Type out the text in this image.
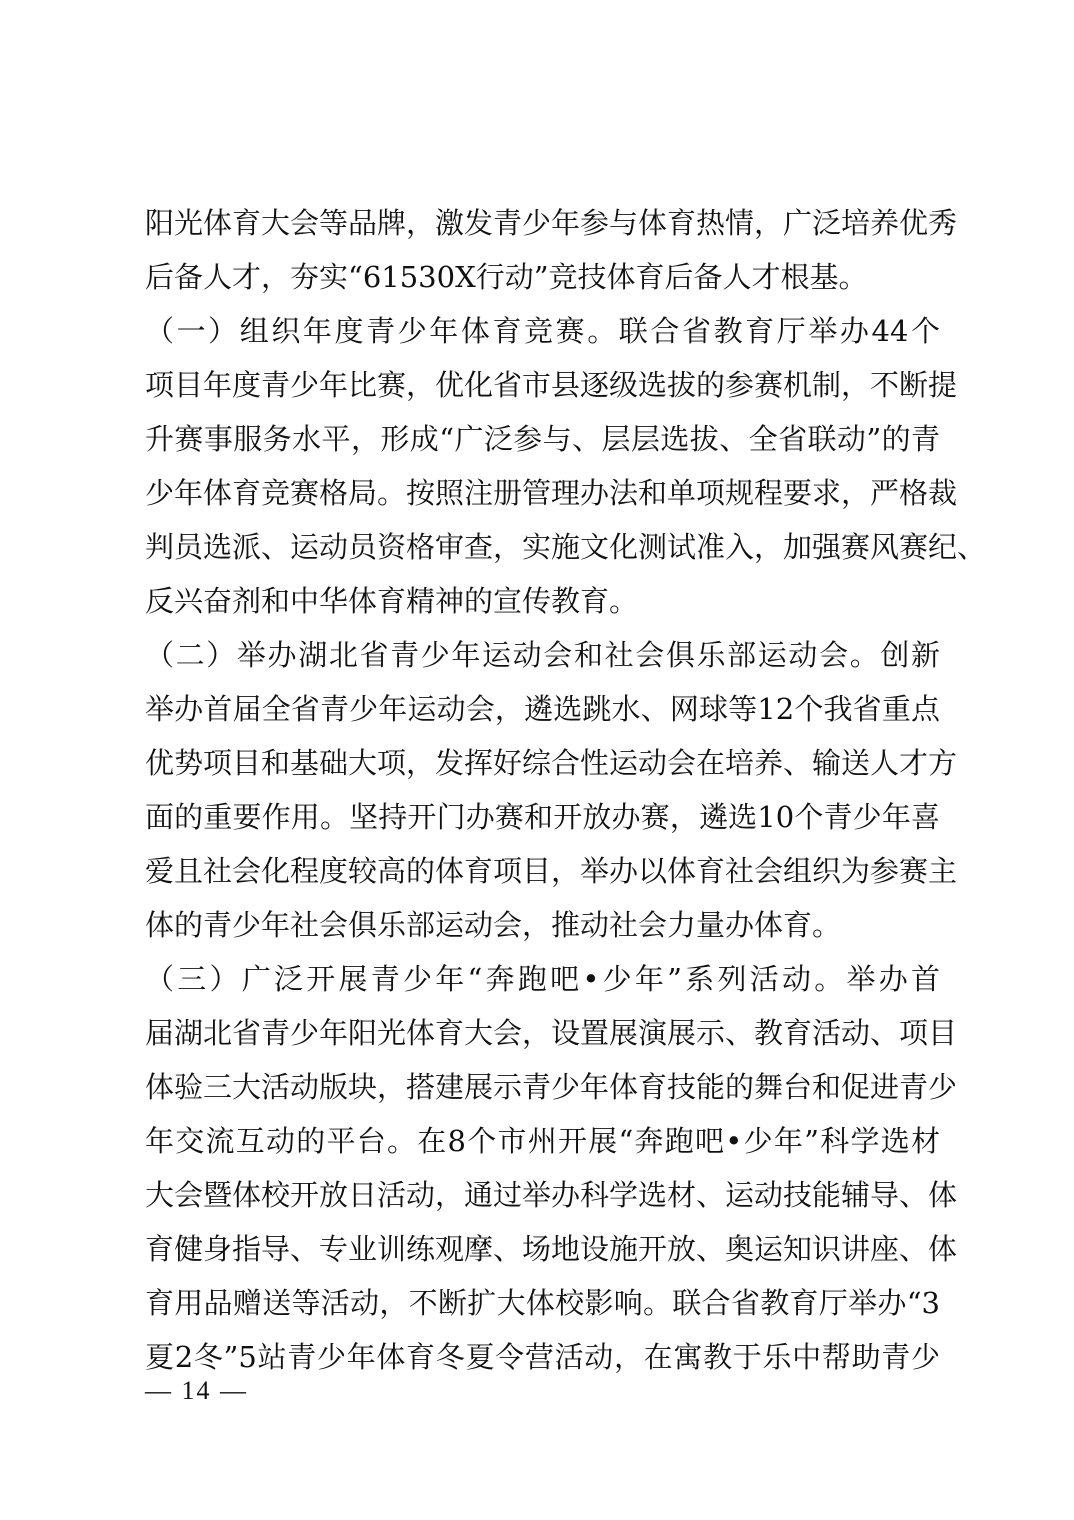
阳光体育大会等品牌，激发青少年参与体育热情，广泛培养优秀
后备人才，夯实“61530X行动”竞技体育后备人才根基。
（一）组织年度青少年体育竞赛。联合省教育厅举办44个
项目年度青少年比赛，优化省市县逐级选拔的参赛机制，不断提
升赛事服务水平，形成“广泛参与、层层选拔、全省联动”的青
少年体育竞赛格局。按照注册管理办法和单项规程要求，严格裁
判员选派、运动员资格审查，实施文化测试准入，加强赛风赛纪、
反兴奋剂和中华体育精神的宣传教育。
（二）举办湖北省青少年运动会和社会俱乐部运动会。创新
举办首届全省青少年运动会，遴选跳水、网球等12个我省重点
优势项目和基础大项，发挥好综合性运动会在培养、输送人才方
面的重要作用。坚持开门办赛和开放办赛，遴选10个青少年喜
爱且社会化程度较高的体育项目，举办以体育社会组织为参赛主
体的青少年社会俱乐部运动会，推动社会力量办体育。
（三）广泛开展青少年“奔跑吧•少年”系列活动。举办首
届湖北省青少年阳光体育大会，设置展演展示、教育活动、项目
体验三大活动版块，搭建展示青少年体育技能的舞台和促进青少
年交流互动的平台。在8个市州开展“奔跑吧•少年”科学选材
大会暨体校开放日活动，通过举办科学选材、运动技能辅导、体
育健身指导、专业训练观摩、场地设施开放、奥运知识讲座、体
育用品赠送等活动，不断扩大体校影响。联合省教育厅举办“3
夏2冬”5站青少年体育冬夏令营活动，在寓教于乐中帮助青少
— 14 —
